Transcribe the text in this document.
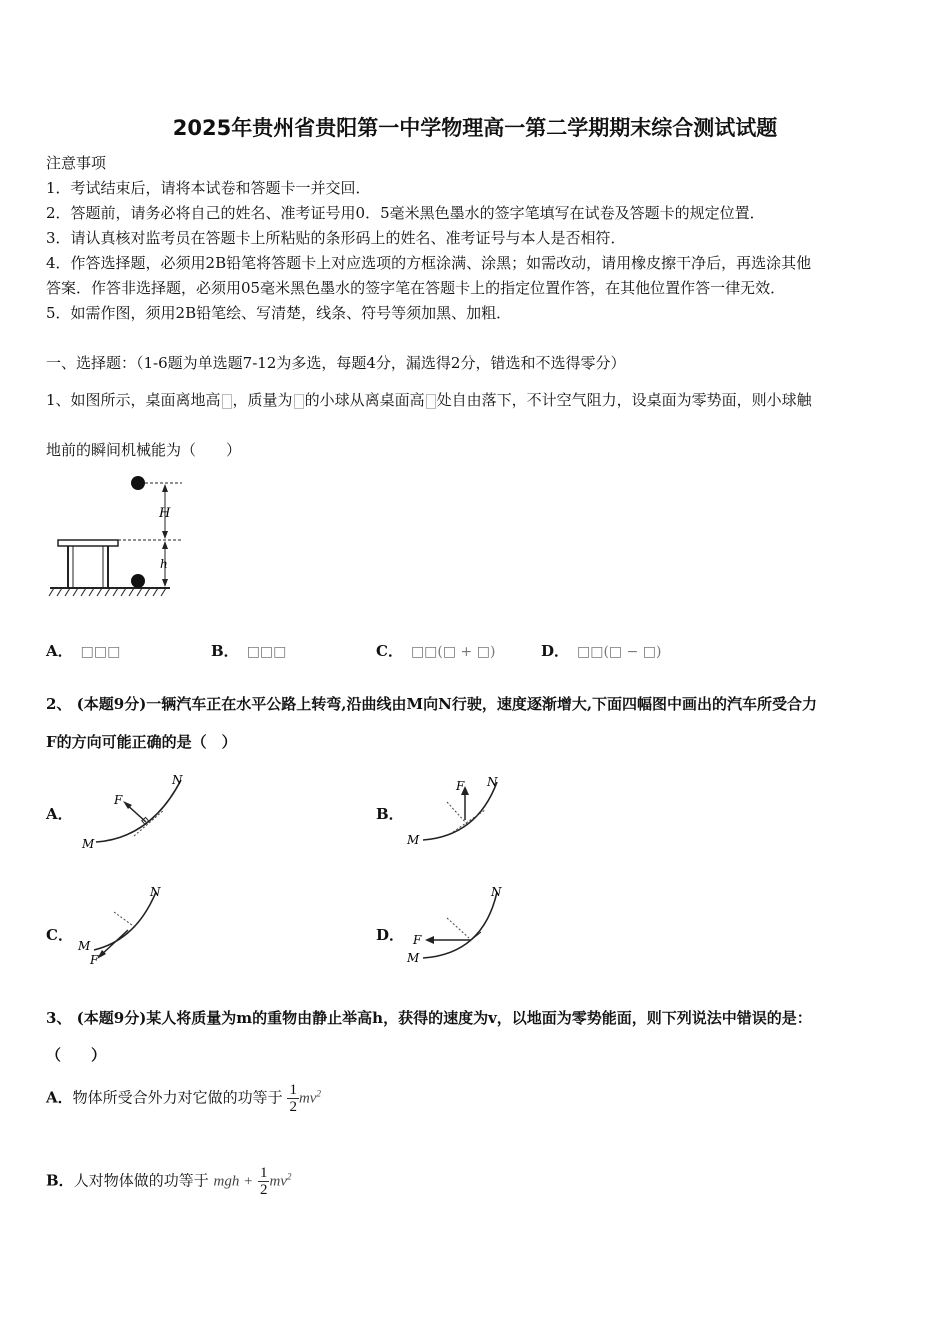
2025年贵州省贵阳第一中学物理高一第二学期期末综合测试试题
注意事项
1．考试结束后，请将本试卷和答题卡一并交回．
2．答题前，请务必将自己的姓名、准考证号用0．5毫米黑色墨水的签字笔填写在试卷及答题卡的规定位置．
3．请认真核对监考员在答题卡上所粘贴的条形码上的姓名、准考证号与本人是否相符．
4．作答选择题，必须用2B铅笔将答题卡上对应选项的方框涂满、涂黑；如需改动，请用橡皮擦干净后，再选涂其他
答案．作答非选择题，必须用05毫米黑色墨水的签字笔在答题卡上的指定位置作答，在其他位置作答一律无效．
5．如需作图，须用2B铅笔绘、写清楚，线条、符号等须加黑、加粗．
一、选择题：（1-6题为单选题7-12为多选，每题4分，漏选得2分，错选和不选得零分）
1、如图所示，桌面离地高 ，质量为 的小球从离桌面高 处自由落下，不计空气阻力，设桌面为零势面，则小球触
地前的瞬间机械能为（　　）
H
h
A． □□□	B． □□□	C． □□(□ + □)	D． □□(□ − □)
2、 (本题9分)一辆汽车正在水平公路上转弯,沿曲线由M向N行驶，速度逐渐增大,下面四幅图中画出的汽车所受合力
F的方向可能正确的是（　）
A．
M
N
F
B．
M
N
F
C．
M
N
F
D．
M
N
F
3、 (本题9分)某人将质量为m的重物由静止举高h，获得的速度为v，以地面为零势能面，则下列说法中错误的是：
（　　）
A．物体所受合外力对它做的功等于 $\frac{1}{2} mv^2$
B．人对物体做的功等于 mgh + $\frac{1}{2} mv^2$
